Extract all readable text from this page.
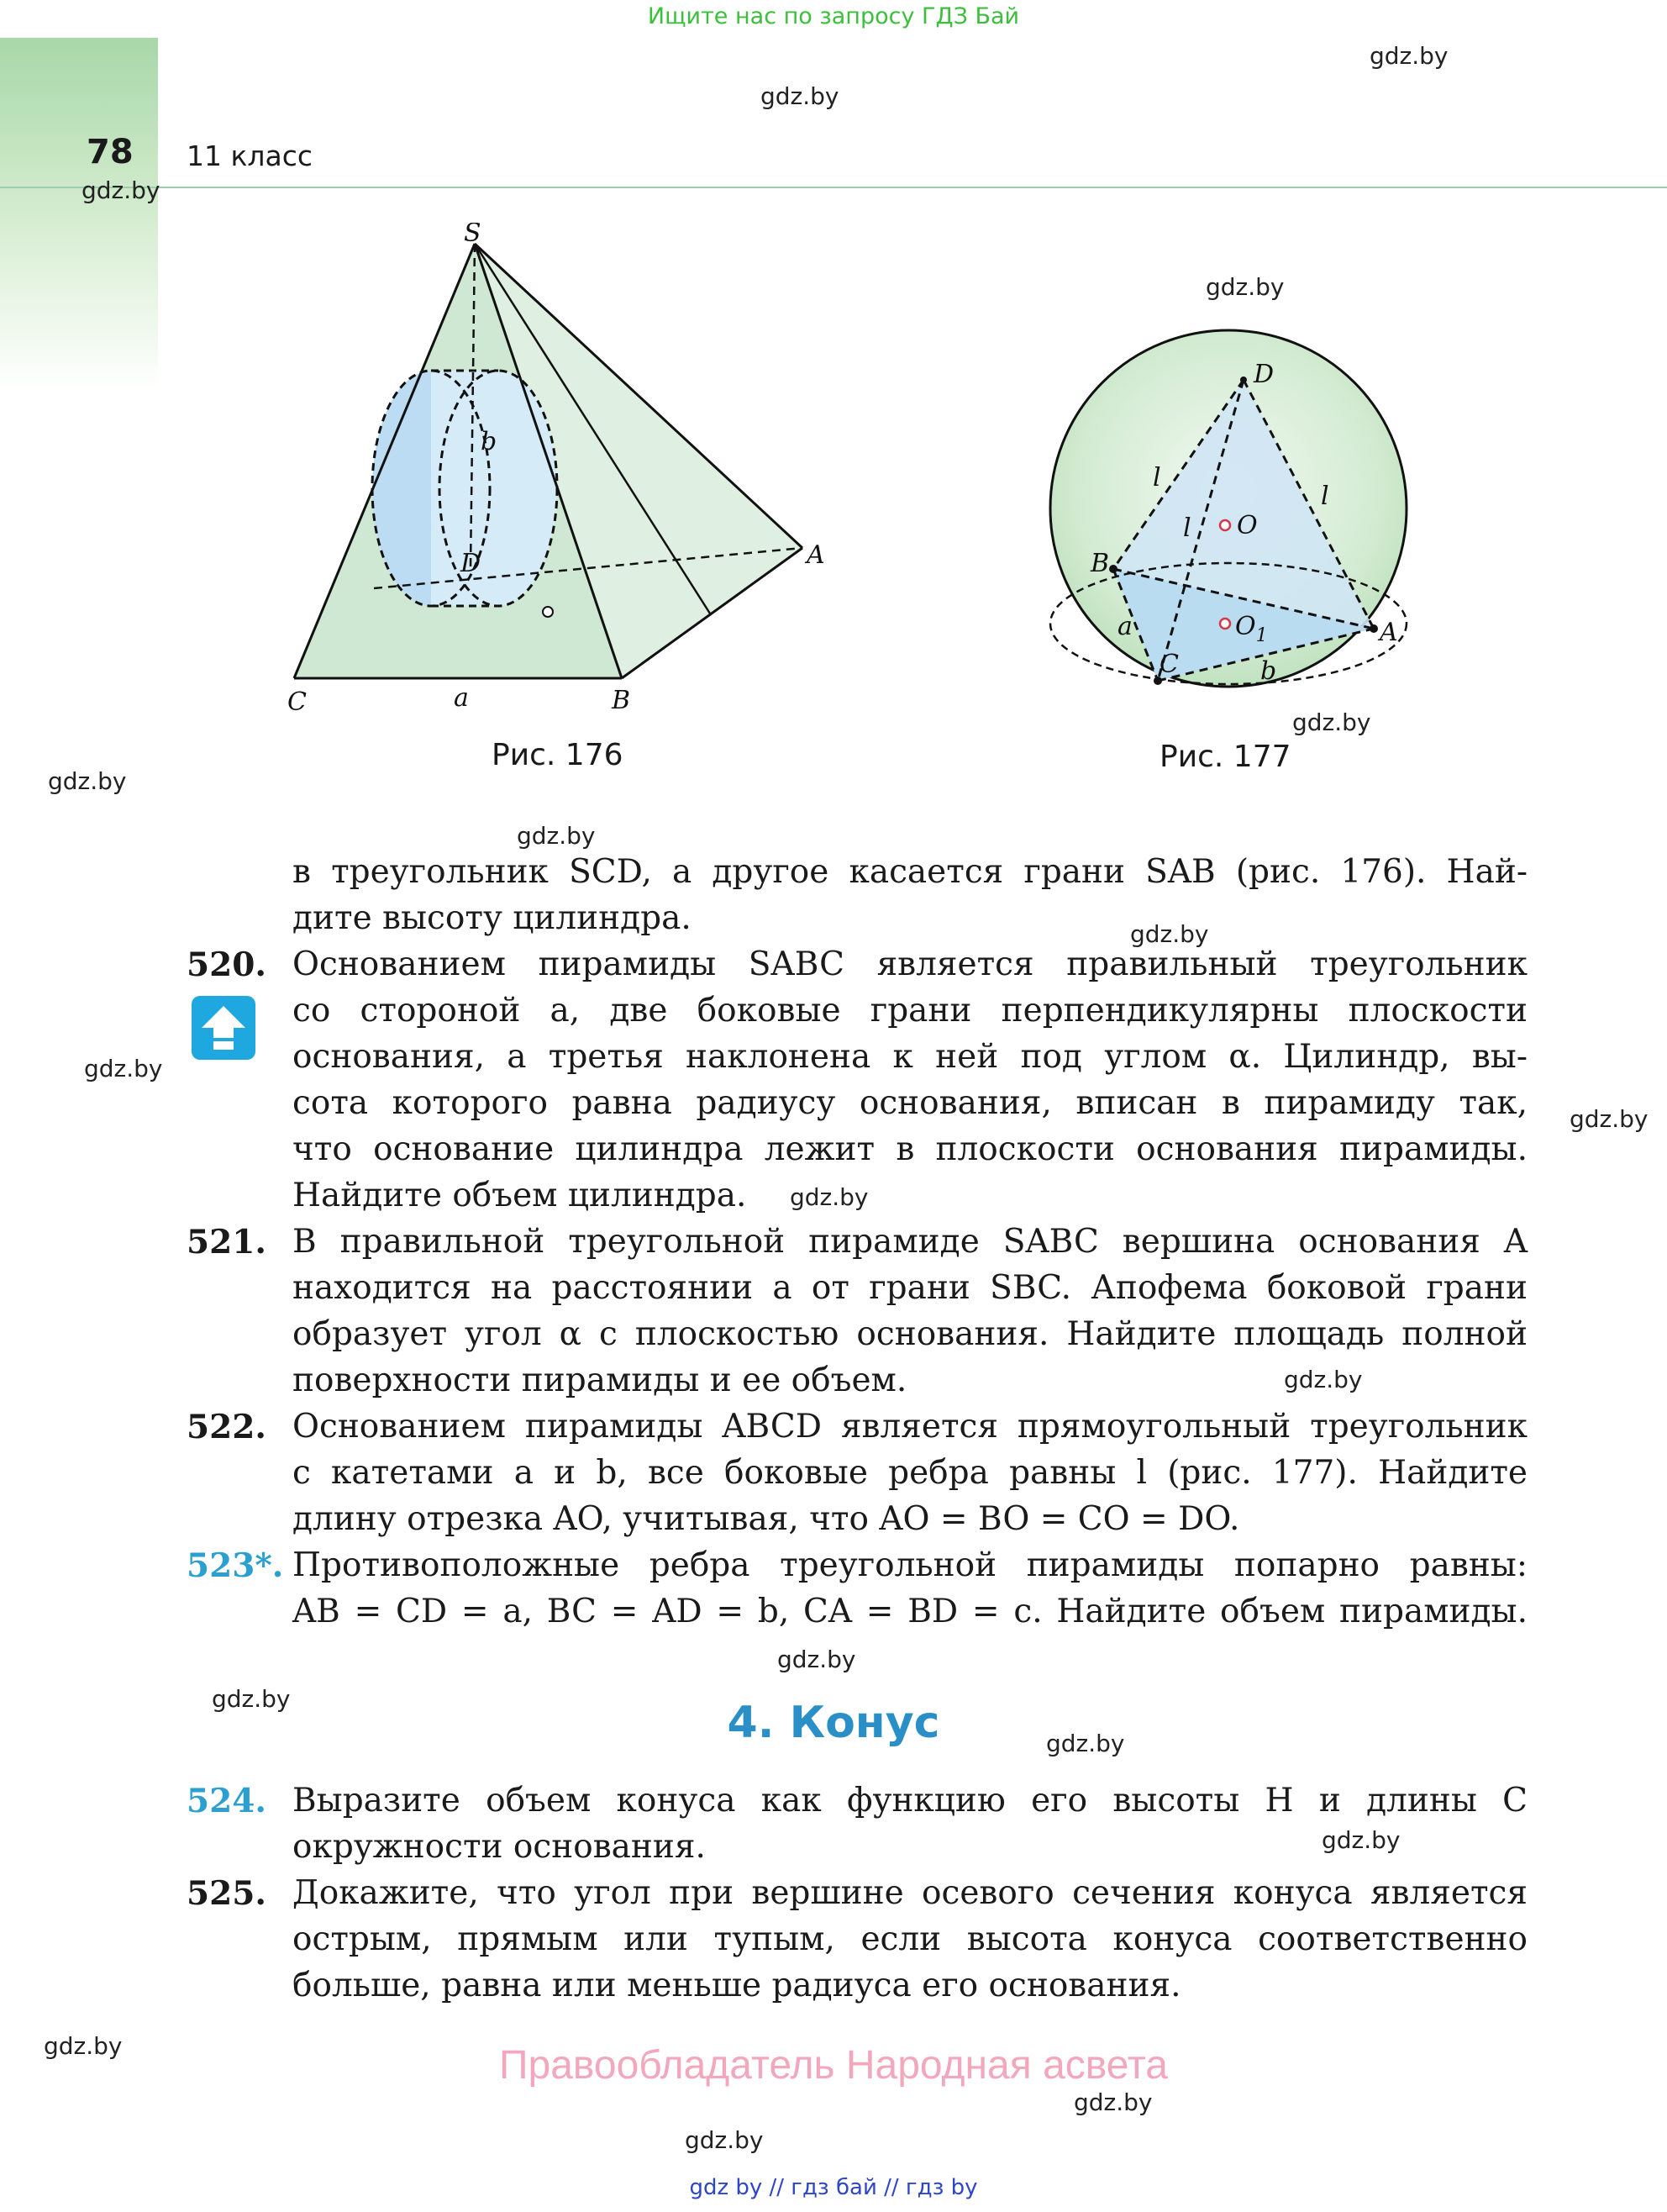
Ищите нас по запросу ГДЗ Бай
78 11 класс
gdz.by
gdz.by
gdz.by
gdz.by
gdz.by
gdz.by
gdz.by
gdz.by
gdz.by
gdz.by
gdz.by
gdz.by
gdz.by
gdz.by
gdz.by
gdz.by
gdz.by
gdz.by
gdz.by
S
A
B
C
D
a
b
Рис. 176
D
O
$O_1$	A
B
C
a
b
l
l
l
Рис. 177
в треугольник SCD, а другое касается грани SAB (рис. 176). Най-
дите высоту цилиндра.
520. Основанием пирамиды SABC является правильный треугольник
со стороной a, две боковые грани перпендикулярны плоскости
основания, а третья наклонена к ней под углом α. Цилиндр, вы-
сота которого равна радиусу основания, вписан в пирамиду так,
что основание цилиндра лежит в плоскости основания пирамиды.
Найдите объем цилиндра.
521. В правильной треугольной пирамиде SABC вершина основания A
находится на расстоянии a от грани SBC. Апофема боковой грани
образует угол α с плоскостью основания. Найдите площадь полной
поверхности пирамиды и ее объем.
522. Основанием пирамиды ABCD является прямоугольный треугольник
с катетами a и b, все боковые ребра равны l (рис. 177). Найдите
длину отрезка AO, учитывая, что AO = BO = CO = DO.
523*. Противоположные ребра треугольной пирамиды попарно равны:
AB = CD = a, BC = AD = b, CA = BD = c. Найдите объем пирамиды.
4. Конус
524. Выразите объем конуса как функцию его высоты H и длины C
окружности основания.
525. Докажите, что угол при вершине осевого сечения конуса является
острым, прямым или тупым, если высота конуса соответственно
больше, равна или меньше радиуса его основания.
Правообладатель Народная асвета
gdz by // гдз бай // гдз by
